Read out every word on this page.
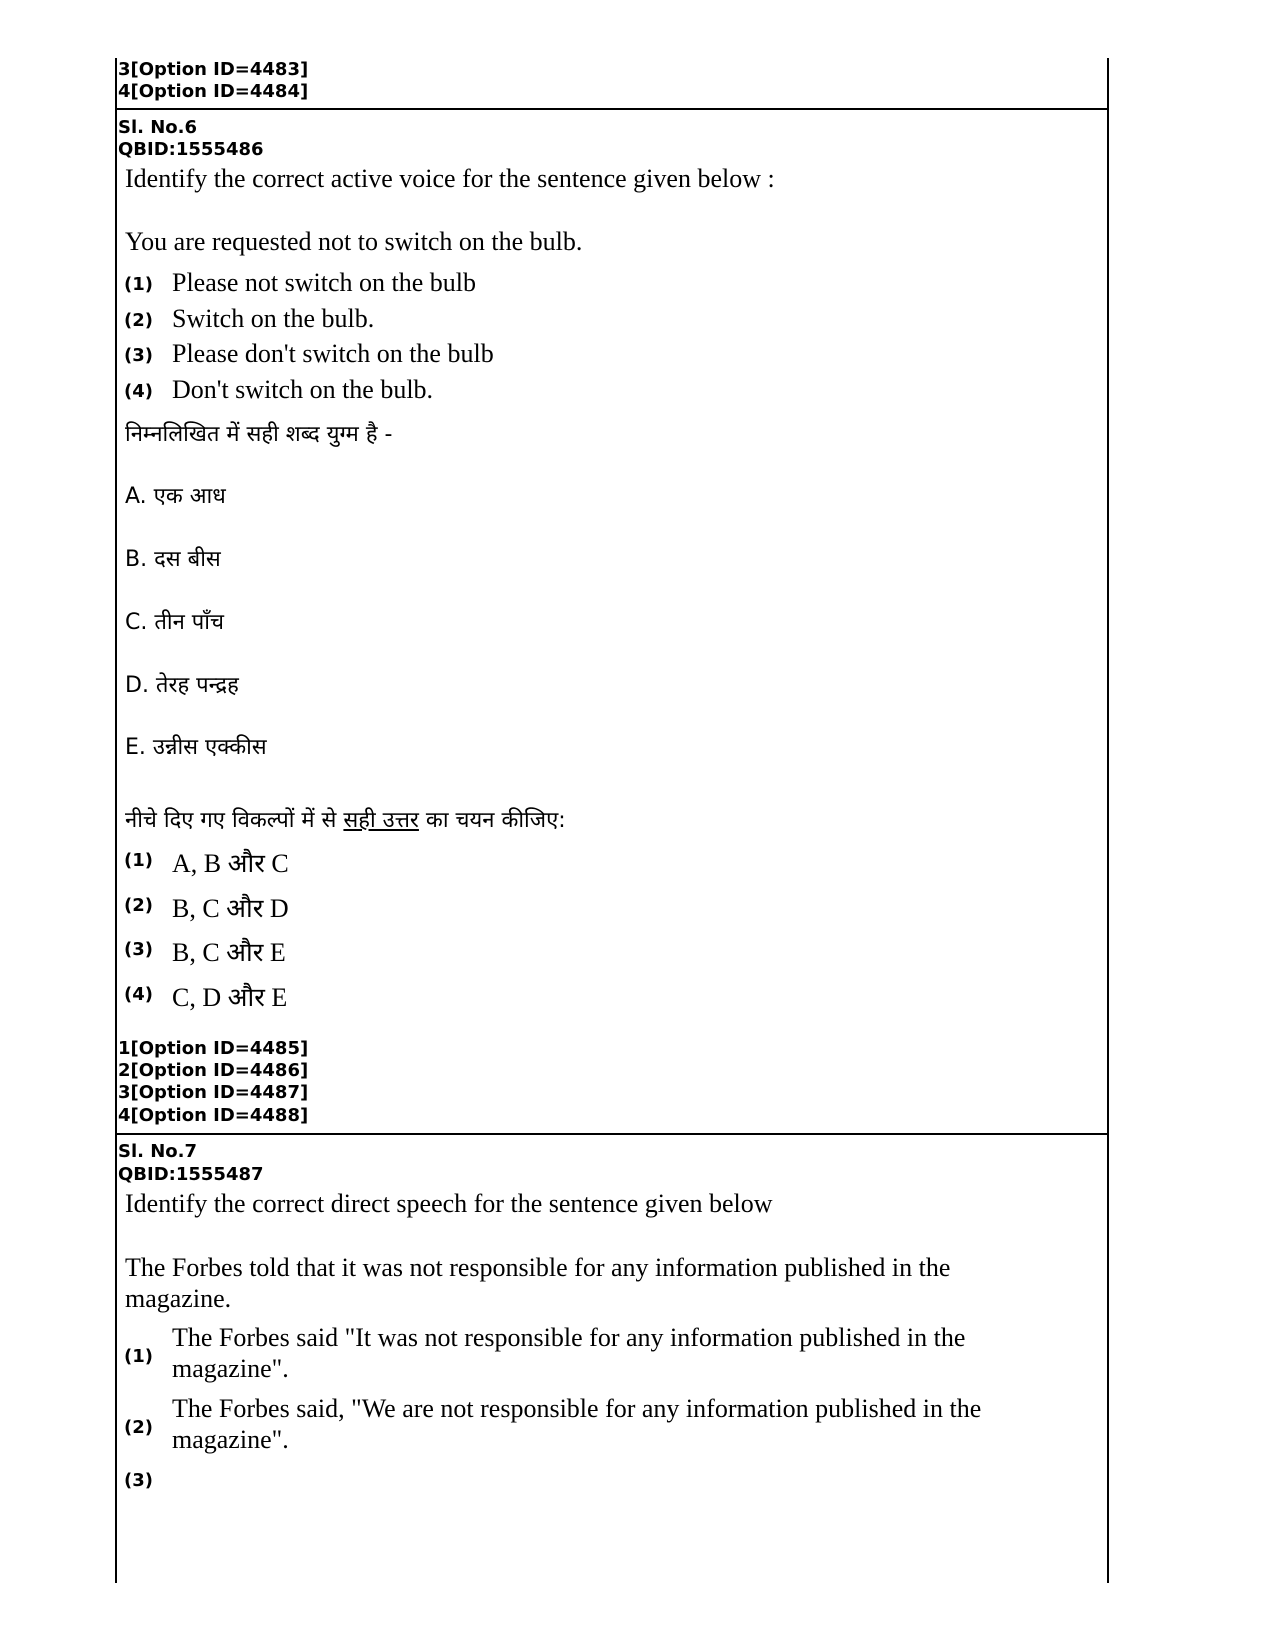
3[Option ID=4483]
4[Option ID=4484]
Sl. No.6
QBID:1555486
Identify the correct active voice for the sentence given below :
You are requested not to switch on the bulb.
(1) Please not switch on the bulb
(2) Switch on the bulb.
(3) Please don't switch on the bulb
(4) Don't switch on the bulb.
निम्नलिखित में सही शब्द युग्म है -
A. एक आध
B. दस बीस
C. तीन पाँच
D. तेरह पन्द्रह
E. उन्नीस एक्कीस
नीचे दिए गए विकल्पों में से सही उत्तर का चयन कीजिए:
(1) A, B और C
(2) B, C और D
(3) B, C और E
(4) C, D और E
1[Option ID=4485]
2[Option ID=4486]
3[Option ID=4487]
4[Option ID=4488]
Sl. No.7
QBID:1555487
Identify the correct direct speech for the sentence given below
The Forbes told that it was not responsible for any information published in the
magazine.
(1)
The Forbes said "It was not responsible for any information published in the
magazine".
(2)
The Forbes said, "We are not responsible for any information published in the
magazine".
(3)
